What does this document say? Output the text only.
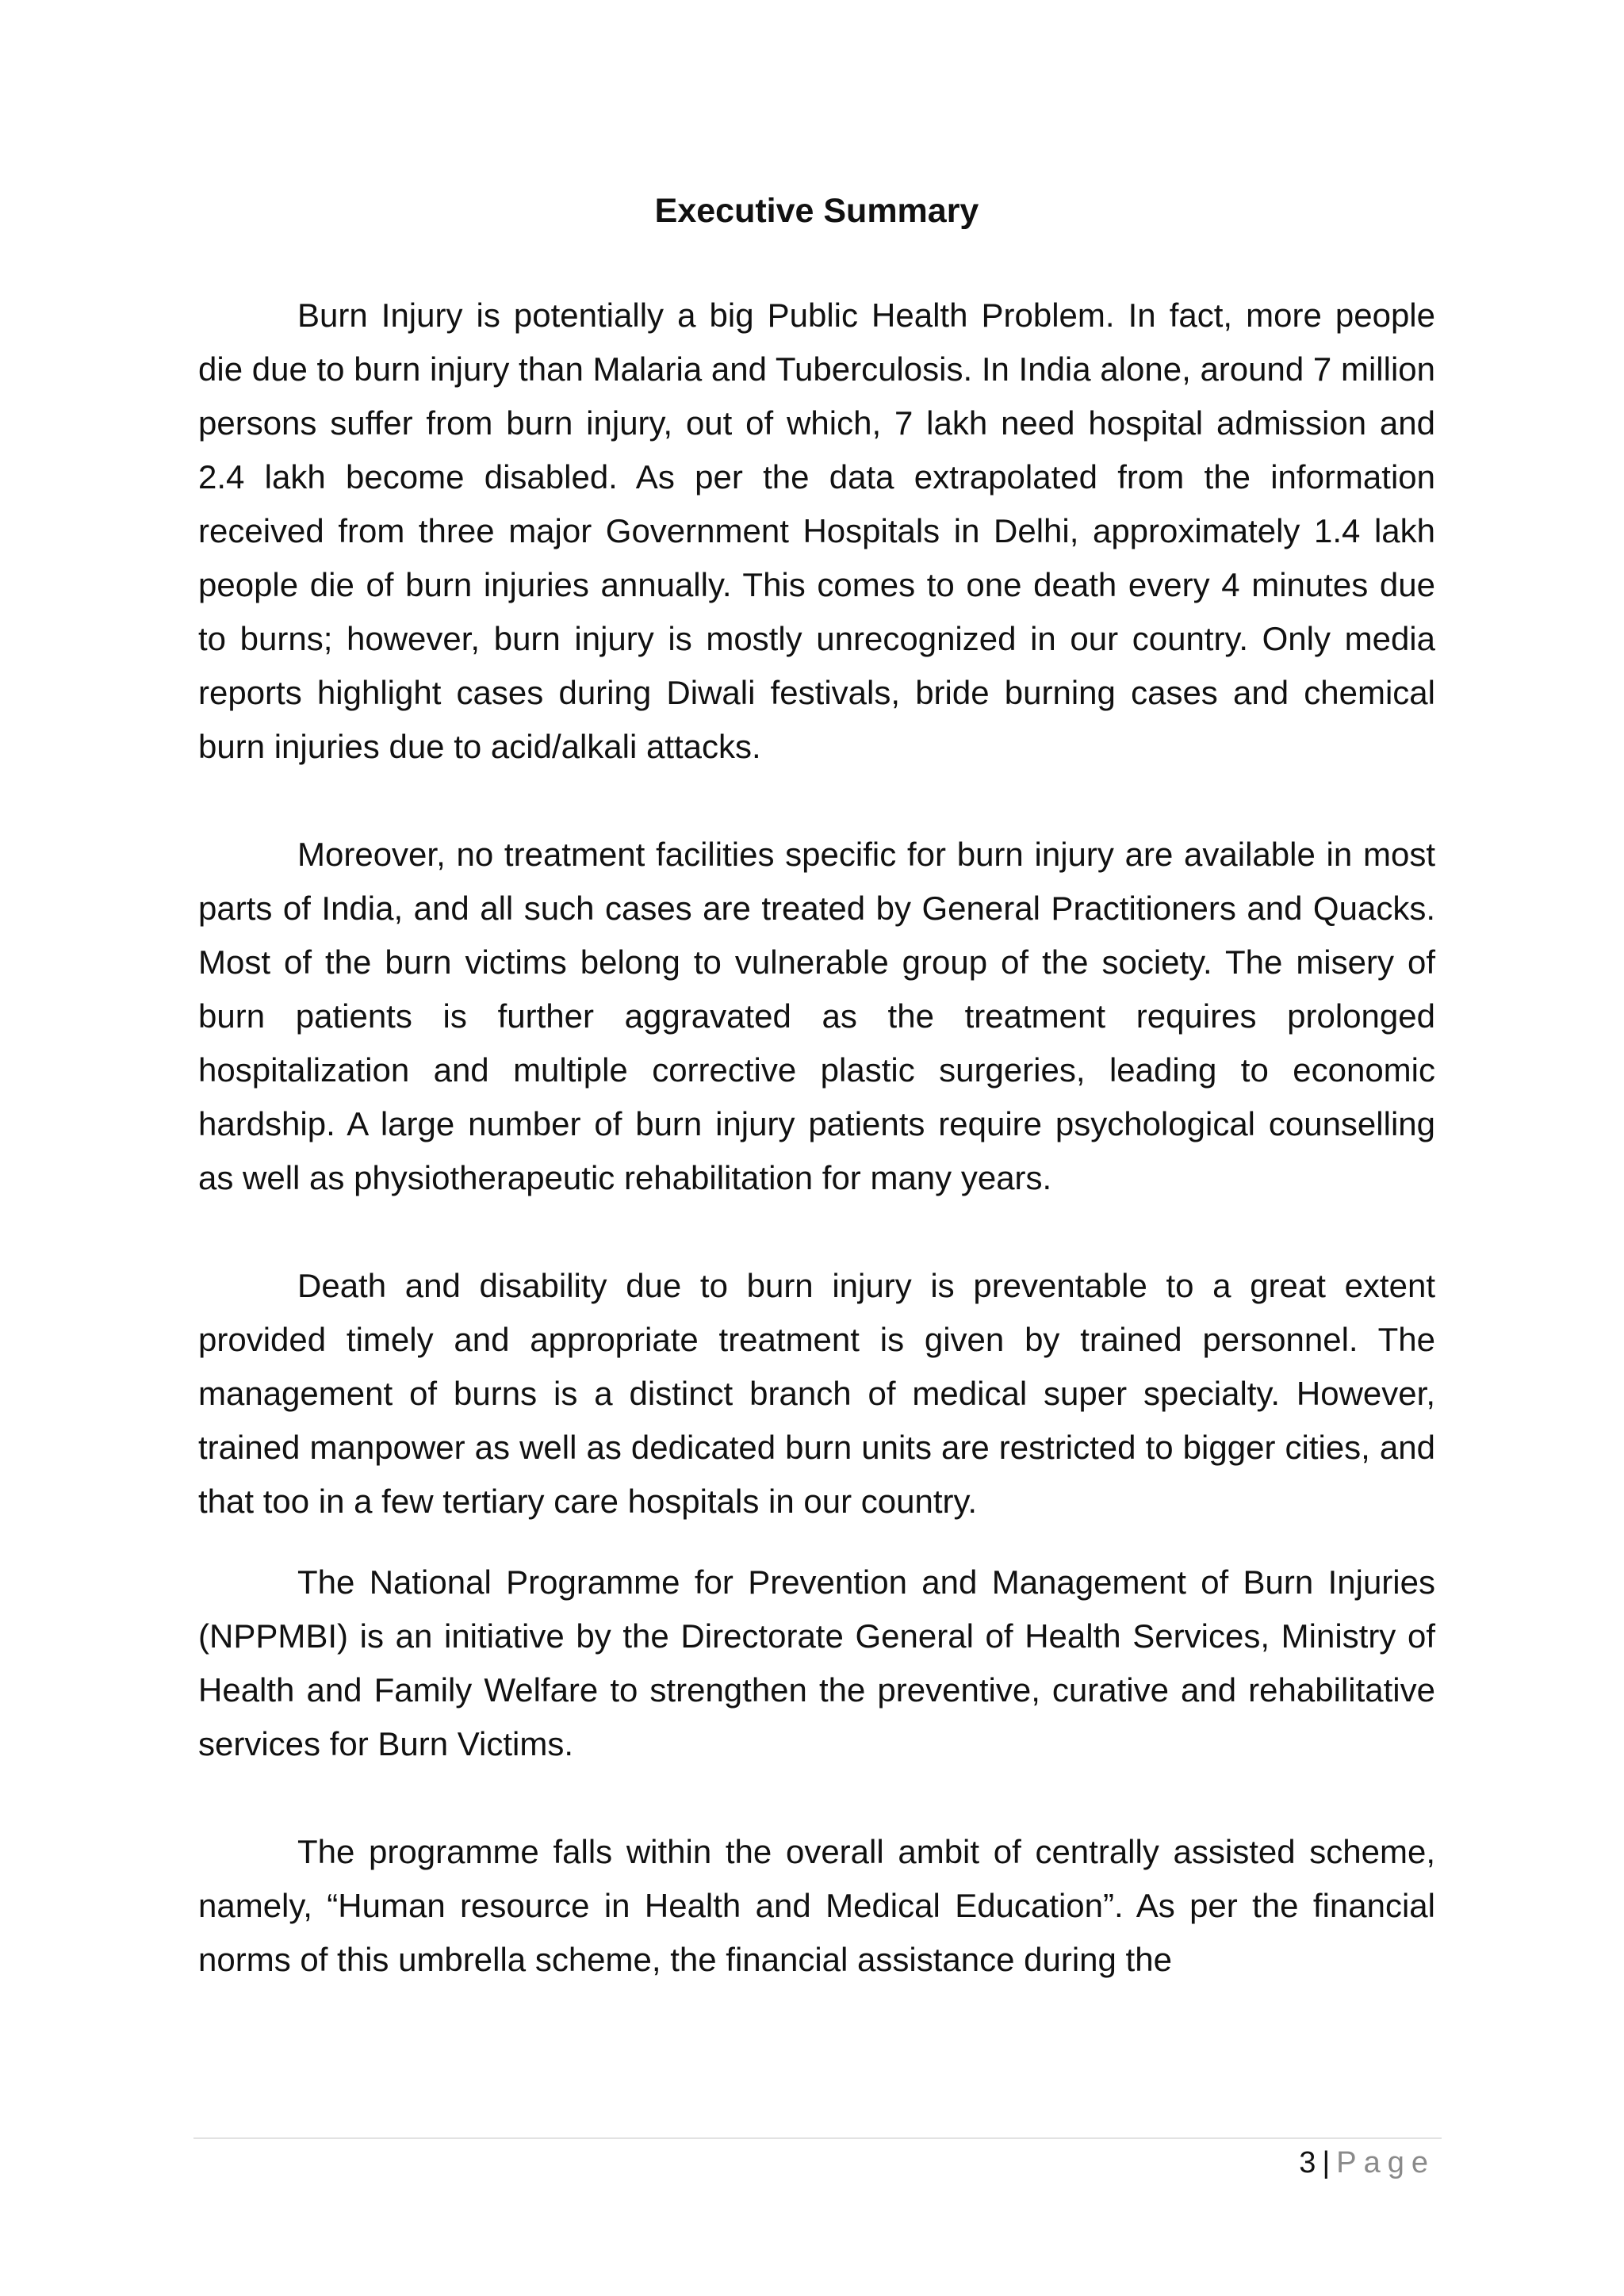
Executive Summary

Burn Injury is potentially a big Public Health Problem. In fact, more people die due to burn injury than Malaria and Tuberculosis. In India alone, around 7 million persons suffer from burn injury, out of which, 7 lakh need hospital admission and 2.4 lakh become disabled. As per the data extrapolated from the information received from three major Government Hospitals in Delhi, approximately 1.4 lakh people die of burn injuries annually. This comes to one death every 4 minutes due to burns; however, burn injury is mostly unrecognized in our country. Only media reports highlight cases during Diwali festivals, bride burning cases and chemical burn injuries due to acid/alkali attacks.

Moreover, no treatment facilities specific for burn injury are available in most parts of India, and all such cases are treated by General Practitioners and Quacks. Most of the burn victims belong to vulnerable group of the society. The misery of burn patients is further aggravated as the treatment requires prolonged hospitalization and multiple corrective plastic surgeries, leading to economic hardship. A large number of burn injury patients require psychological counselling as well as physiotherapeutic rehabilitation for many years.

Death and disability due to burn injury is preventable to a great extent provided timely and appropriate treatment is given by trained personnel. The management of burns is a distinct branch of medical super specialty. However, trained manpower as well as dedicated burn units are restricted to bigger cities, and that too in a few tertiary care hospitals in our country.

The National Programme for Prevention and Management of Burn Injuries (NPPMBI) is an initiative by the Directorate General of Health Services, Ministry of Health and Family Welfare to strengthen the preventive, curative and rehabilitative services for Burn Victims.

The programme falls within the overall ambit of centrally assisted scheme, namely, “Human resource in Health and Medical Education”. As per the financial norms of this umbrella scheme, the financial assistance during the

3 | Page
